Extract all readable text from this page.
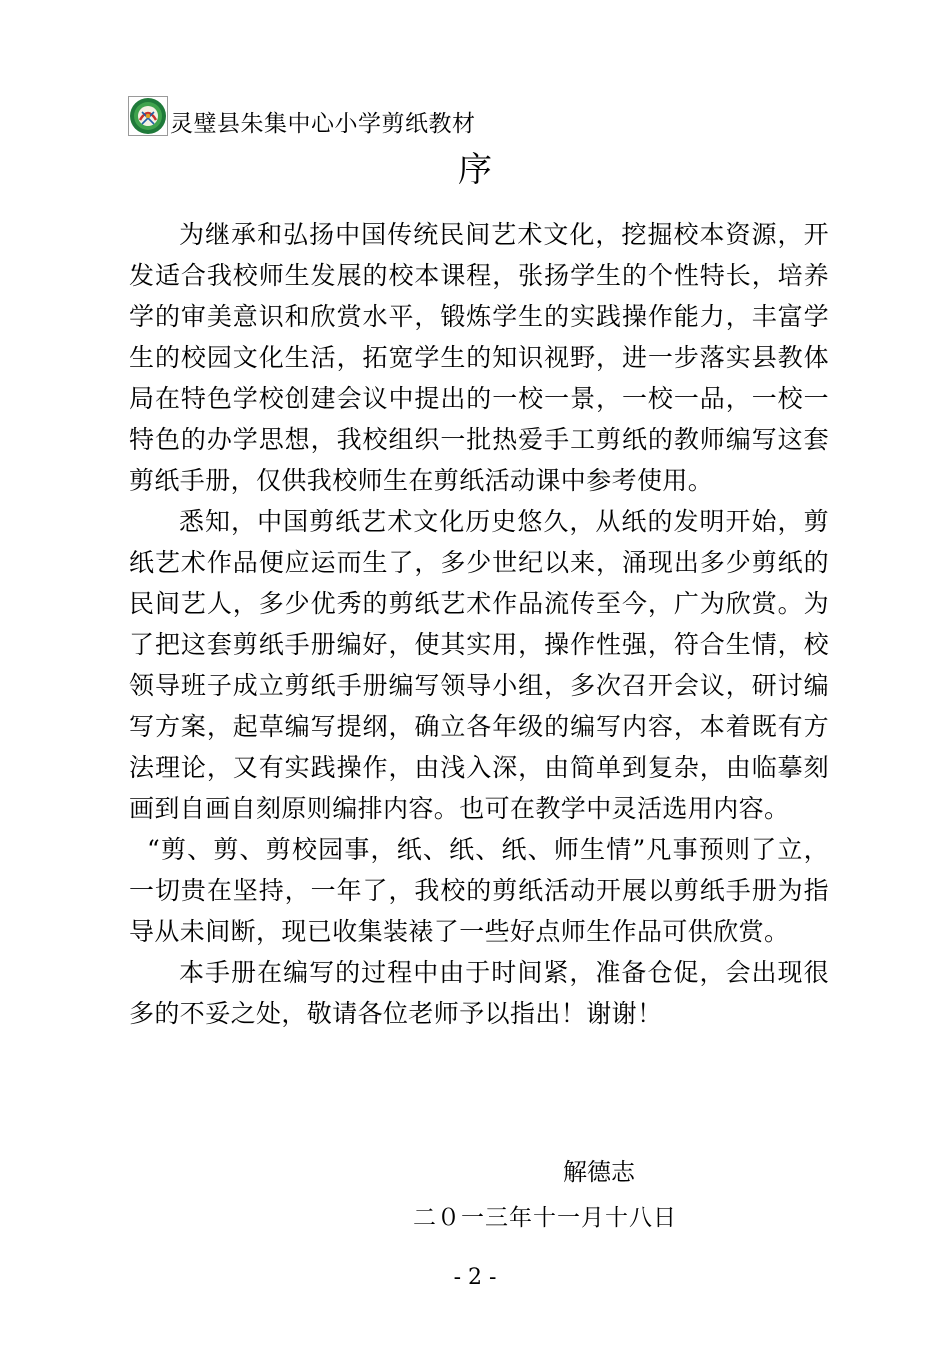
灵璧县朱集中心小学剪纸教材
序

为继承和弘扬中国传统民间艺术文化，挖掘校本资源，开发适合我校师生发展的校本课程，张扬学生的个性特长，培养学的审美意识和欣赏水平，锻炼学生的实践操作能力，丰富学生的校园文化生活，拓宽学生的知识视野，进一步落实县教体局在特色学校创建会议中提出的一校一景，一校一品，一校一特色的办学思想，我校组织一批热爱手工剪纸的教师编写这套剪纸手册，仅供我校师生在剪纸活动课中参考使用。

悉知，中国剪纸艺术文化历史悠久，从纸的发明开始，剪纸艺术作品便应运而生了，多少世纪以来，涌现出多少剪纸的民间艺人，多少优秀的剪纸艺术作品流传至今，广为欣赏。为了把这套剪纸手册编好，使其实用，操作性强，符合生情，校领导班子成立剪纸手册编写领导小组，多次召开会议，研讨编写方案，起草编写提纲，确立各年级的编写内容，本着既有方法理论，又有实践操作，由浅入深，由简单到复杂，由临摹刻画到自画自刻原则编排内容。也可在教学中灵活选用内容。

“剪、剪、剪校园事，纸、纸、纸、师生情”凡事预则了立，一切贵在坚持，一年了，我校的剪纸活动开展以剪纸手册为指导从未间断，现已收集装裱了一些好点师生作品可供欣赏。

本手册在编写的过程中由于时间紧，准备仓促，会出现很多的不妥之处，敬请各位老师予以指出！谢谢！

解德志
二０一三年十一月十八日
- 2 -
